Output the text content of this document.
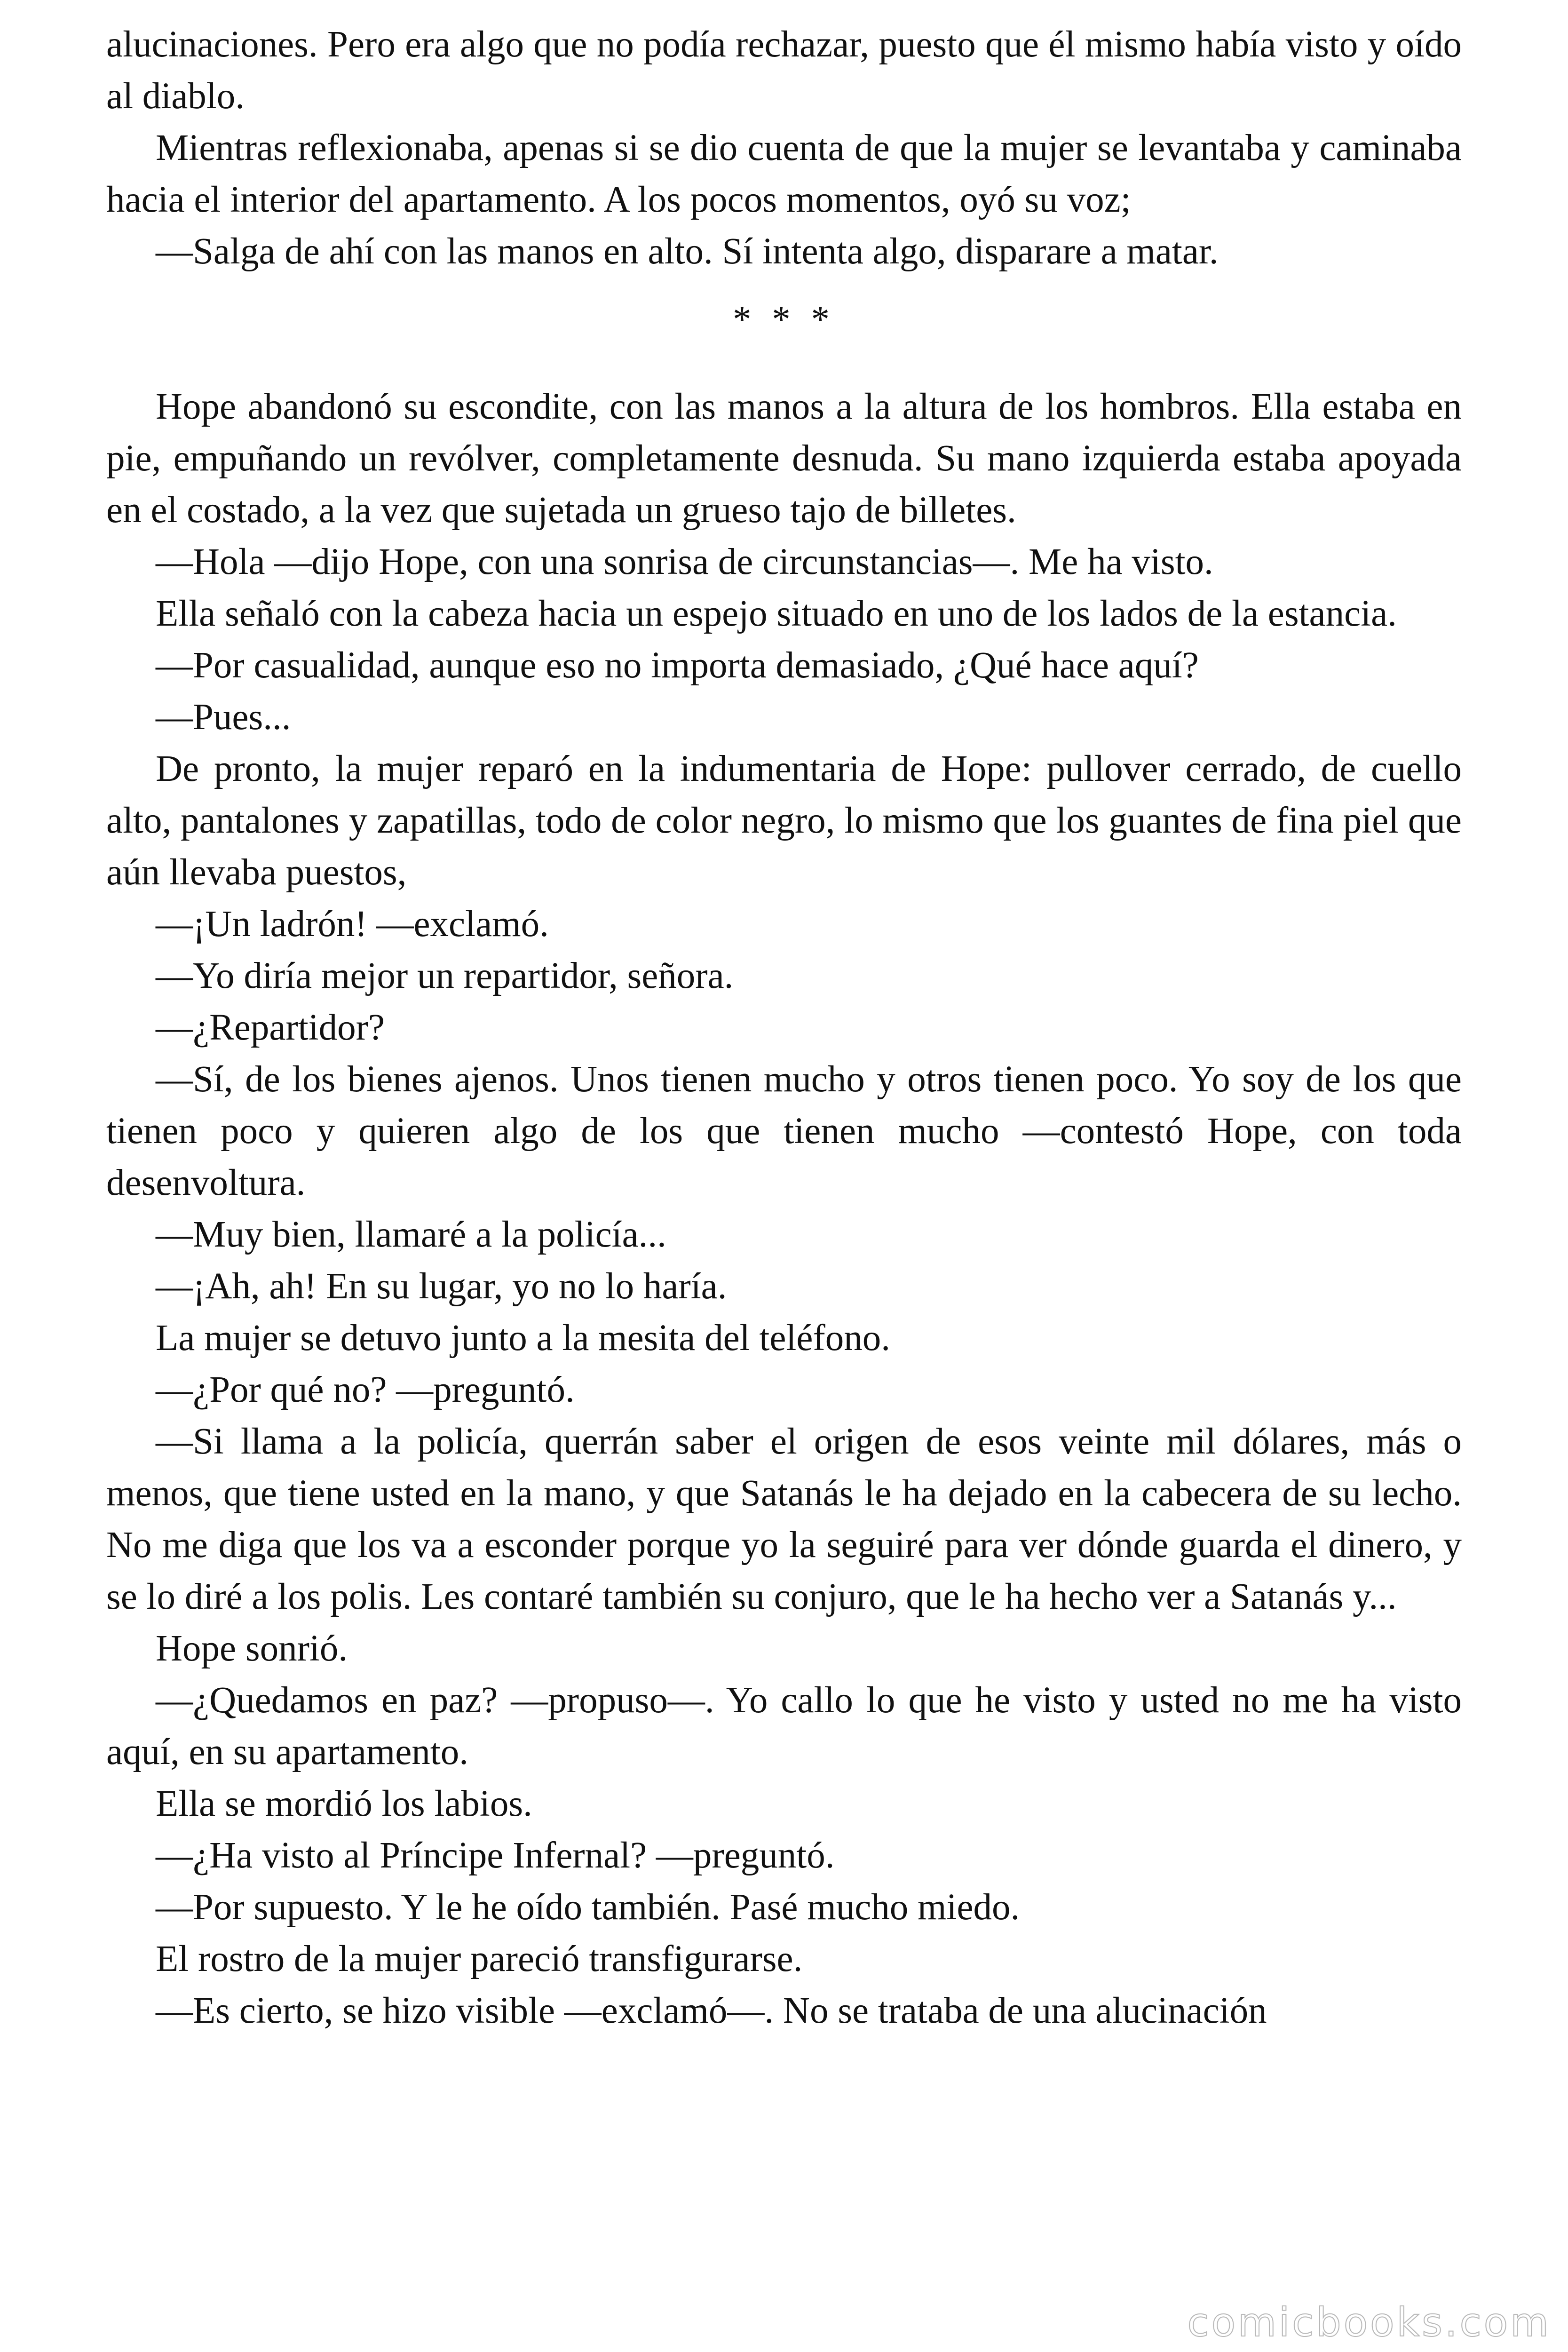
alucinaciones. Pero era algo que no podía rechazar, puesto que él mismo había visto y oído al diablo.

Mientras reflexionaba, apenas si se dio cuenta de que la mujer se levantaba y caminaba hacia el interior del apartamento. A los pocos momentos, oyó su voz;

—Salga de ahí con las manos en alto. Sí intenta algo, disparare a matar.

* * *

Hope abandonó su escondite, con las manos a la altura de los hombros. Ella estaba en pie, empuñando un revólver, completamente desnuda. Su mano izquierda estaba apoyada en el costado, a la vez que sujetada un grueso tajo de billetes.

—Hola —dijo Hope, con una sonrisa de circunstancias—. Me ha visto.

Ella señaló con la cabeza hacia un espejo situado en uno de los lados de la estancia.

—Por casualidad, aunque eso no importa demasiado, ¿Qué hace aquí?

—Pues...

De pronto, la mujer reparó en la indumentaria de Hope: pullover cerrado, de cuello alto, pantalones y zapatillas, todo de color negro, lo mismo que los guantes de fina piel que aún llevaba puestos,

—¡Un ladrón! —exclamó.

—Yo diría mejor un repartidor, señora.

—¿Repartidor?

—Sí, de los bienes ajenos. Unos tienen mucho y otros tienen poco. Yo soy de los que tienen poco y quieren algo de los que tienen mucho —contestó Hope, con toda desenvoltura.

—Muy bien, llamaré a la policía...

—¡Ah, ah! En su lugar, yo no lo haría.

La mujer se detuvo junto a la mesita del teléfono.

—¿Por qué no? —preguntó.

—Si llama a la policía, querrán saber el origen de esos veinte mil dólares, más o menos, que tiene usted en la mano, y que Satanás le ha dejado en la cabecera de su lecho. No me diga que los va a esconder porque yo la seguiré para ver dónde guarda el dinero, y se lo diré a los polis. Les contaré también su conjuro, que le ha hecho ver a Satanás y...

Hope sonrió.

—¿Quedamos en paz? —propuso—. Yo callo lo que he visto y usted no me ha visto aquí, en su apartamento.

Ella se mordió los labios.

—¿Ha visto al Príncipe Infernal? —preguntó.

—Por supuesto. Y le he oído también. Pasé mucho miedo.

El rostro de la mujer pareció transfigurarse.

—Es cierto, se hizo visible —exclamó—. No se trataba de una alucinación

comicbooks.com
